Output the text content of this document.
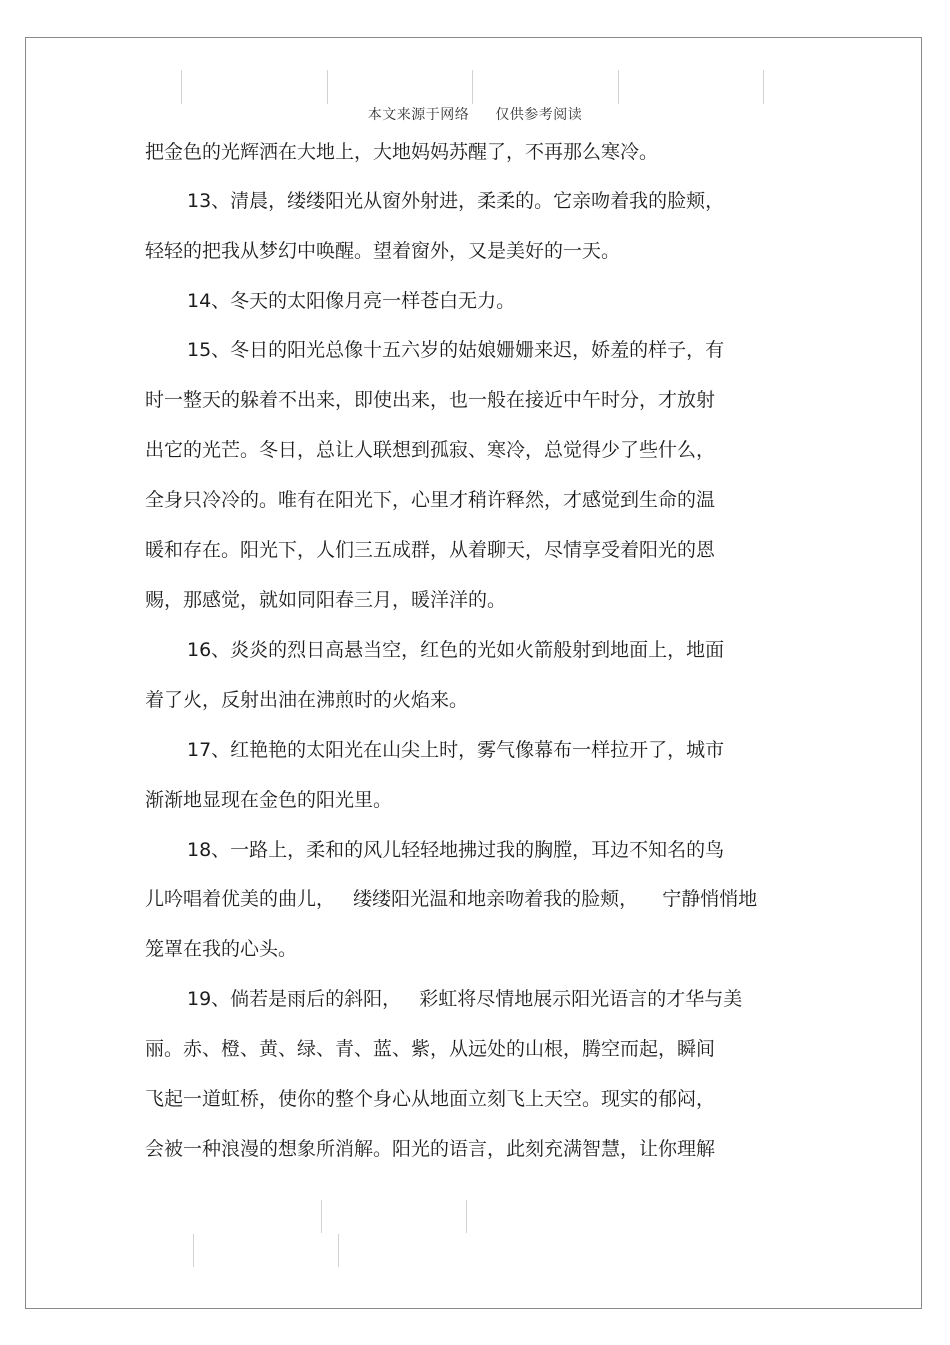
本文来源于网络 仅供参考阅读
把金色的光辉洒在大地上，大地妈妈苏醒了，不再那么寒冷。
13、清晨，缕缕阳光从窗外射进，柔柔的。它亲吻着我的脸颊，
轻轻的把我从梦幻中唤醒。望着窗外，又是美好的一天。
14、冬天的太阳像月亮一样苍白无力。
15、冬日的阳光总像十五六岁的姑娘姗姗来迟，娇羞的样子，有
时一整天的躲着不出来，即使出来，也一般在接近中午时分，才放射
出它的光芒。冬日，总让人联想到孤寂、寒冷，总觉得少了些什么，
全身只冷冷的。唯有在阳光下，心里才稍许释然，才感觉到生命的温
暖和存在。阳光下，人们三五成群，从着聊天，尽情享受着阳光的恩
赐，那感觉，就如同阳春三月，暖洋洋的。
16、炎炎的烈日高悬当空，红色的光如火箭般射到地面上，地面
着了火，反射出油在沸煎时的火焰来。
17、红艳艳的太阳光在山尖上时，雾气像幕布一样拉开了，城市
渐渐地显现在金色的阳光里。
18、一路上，柔和的风儿轻轻地拂过我的胸膛，耳边不知名的鸟
儿吟唱着优美的曲儿，   缕缕阳光温和地亲吻着我的脸颊，    宁静悄悄地
笼罩在我的心头。
19、倘若是雨后的斜阳，   彩虹将尽情地展示阳光语言的才华与美
丽。赤、橙、黄、绿、青、蓝、紫，从远处的山根，腾空而起，瞬间
飞起一道虹桥，使你的整个身心从地面立刻飞上天空。现实的郁闷，
会被一种浪漫的想象所消解。阳光的语言，此刻充满智慧，让你理解
